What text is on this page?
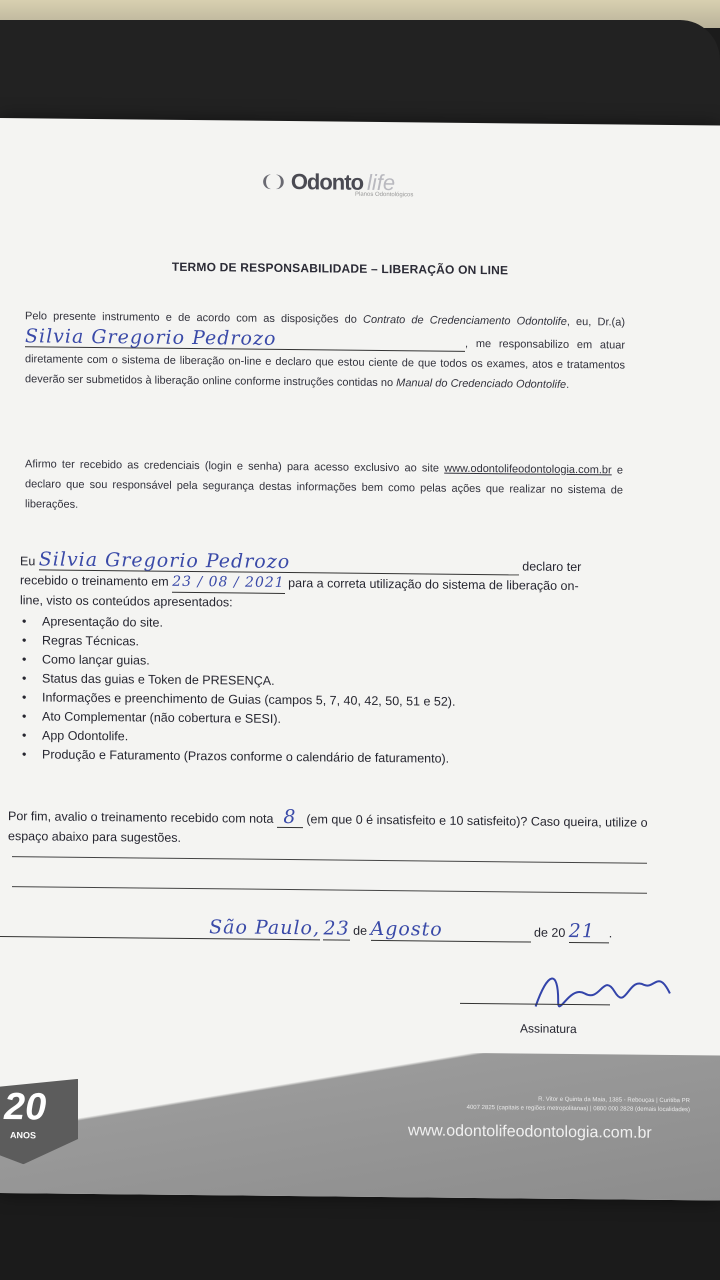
❨❩ Odonto life
Planos Odontológicos
TERMO DE RESPONSABILIDADE – LIBERAÇÃO ON LINE
Pelo presente instrumento e de acordo com as disposições do Contrato de Credenciamento Odontolife, eu, Dr.(a) Silvia Gregorio Pedrozo	, me responsabilizo em atuar diretamente com o sistema de liberação on-line e declaro que estou ciente de que todos os exames, atos e tratamentos deverão ser submetidos à liberação online conforme instruções contidas no Manual do Credenciado Odontolife.
Afirmo ter recebido as credenciais (login e senha) para acesso exclusivo ao site www.odontolifeodontologia.com.br e declaro que sou responsável pela segurança destas informações bem como pelas ações que realizar no sistema de liberações.
Eu Silvia Gregorio Pedrozo	declaro ter recebido o treinamento em 23 / 08 / 2021 para a correta utilização do sistema de liberação on-line, visto os conteúdos apresentados:
• Apresentação do site.
• Regras Técnicas.
• Como lançar guias.
• Status das guias e Token de PRESENÇA.
• Informações e preenchimento de Guias (campos 5, 7, 40, 42, 50, 51 e 52).
• Ato Complementar (não cobertura e SESI).
• App Odontolife.
• Produção e Faturamento (Prazos conforme o calendário de faturamento).
Por fim, avalio o treinamento recebido com nota 8 (em que 0 é insatisfeito e 10 satisfeito)? Caso queira, utilize o espaço abaixo para sugestões.
São Paulo, 23 de Agosto	de 20 21 .
Assinatura
20
ANOS
R. Vitor e Quinta da Maia, 1385 - Rebouças | Curitiba PR
4007 2825 (capitais e regiões metropolitanas) | 0800 000 2828 (demais localidades)
www.odontolifeodontologia.com.br
